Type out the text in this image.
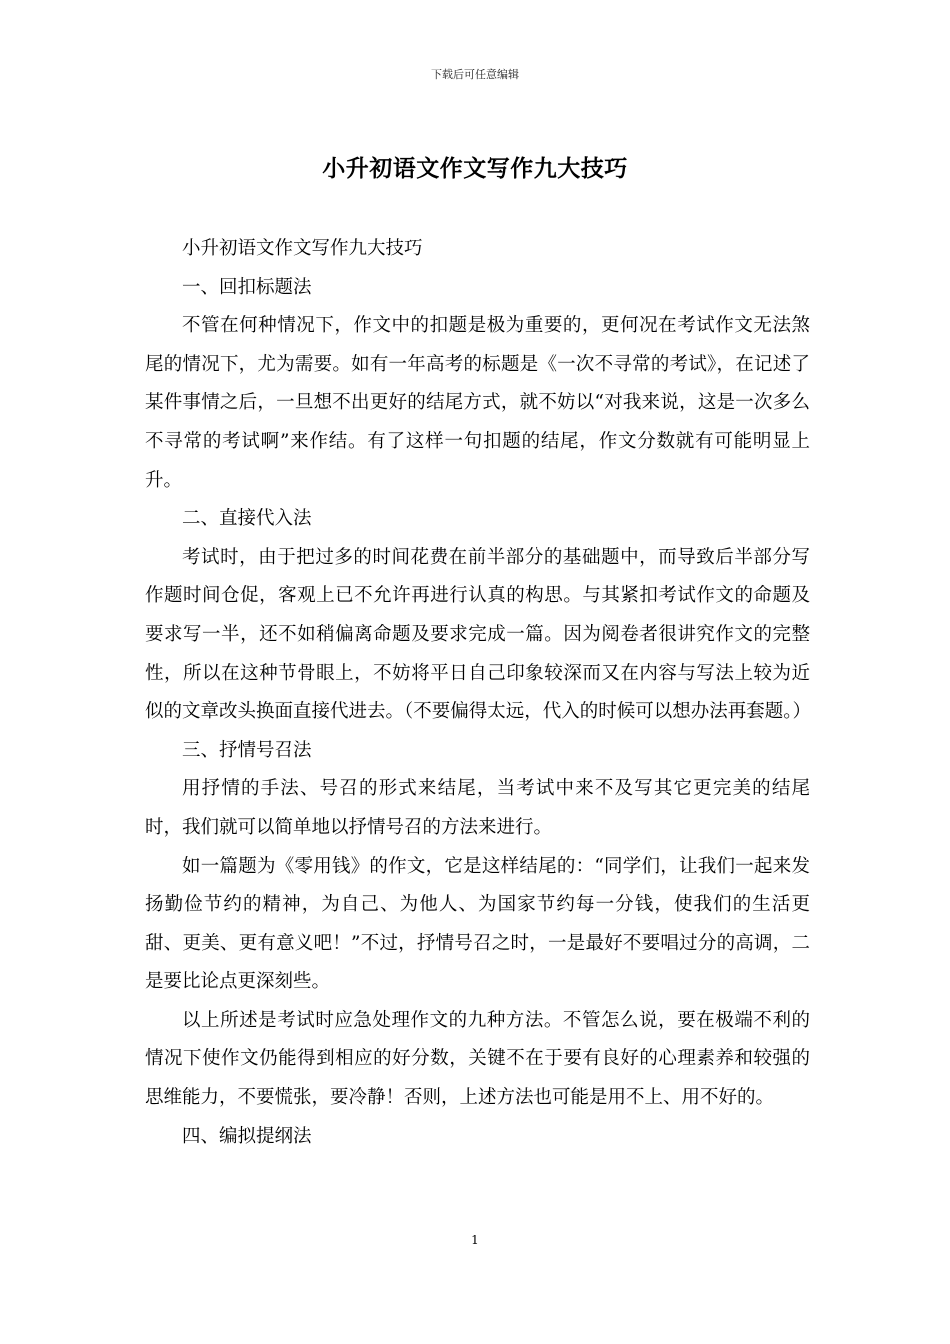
下载后可任意编辑
小升初语文作文写作九大技巧

小升初语文作文写作九大技巧

一、回扣标题法

不管在何种情况下，作文中的扣题是极为重要的，更何况在考试作文无法煞尾的情况下，尤为需要。如有一年高考的标题是《一次不寻常的考试》，在记述了某件事情之后，一旦想不出更好的结尾方式，就不妨以“对我来说，这是一次多么不寻常的考试啊”来作结。有了这样一句扣题的结尾，作文分数就有可能明显上升。

二、直接代入法

考试时，由于把过多的时间花费在前半部分的基础题中，而导致后半部分写作题时间仓促，客观上已不允许再进行认真的构思。与其紧扣考试作文的命题及要求写一半，还不如稍偏离命题及要求完成一篇。因为阅卷者很讲究作文的完整性，所以在这种节骨眼上，不妨将平日自己印象较深而又在内容与写法上较为近似的文章改头换面直接代进去。（不要偏得太远，代入的时候可以想办法再套题。）

三、抒情号召法

用抒情的手法、号召的形式来结尾，当考试中来不及写其它更完美的结尾时，我们就可以简单地以抒情号召的方法来进行。

如一篇题为《零用钱》的作文，它是这样结尾的：“同学们，让我们一起来发扬勤俭节约的精神，为自己、为他人、为国家节约每一分钱，使我们的生活更甜、更美、更有意义吧！”不过，抒情号召之时，一是最好不要唱过分的高调，二是要比论点更深刻些。

以上所述是考试时应急处理作文的九种方法。不管怎么说，要在极端不利的情况下使作文仍能得到相应的好分数，关键不在于要有良好的心理素养和较强的思维能力，不要慌张，要冷静！否则，上述方法也可能是用不上、用不好的。

四、编拟提纲法

1
